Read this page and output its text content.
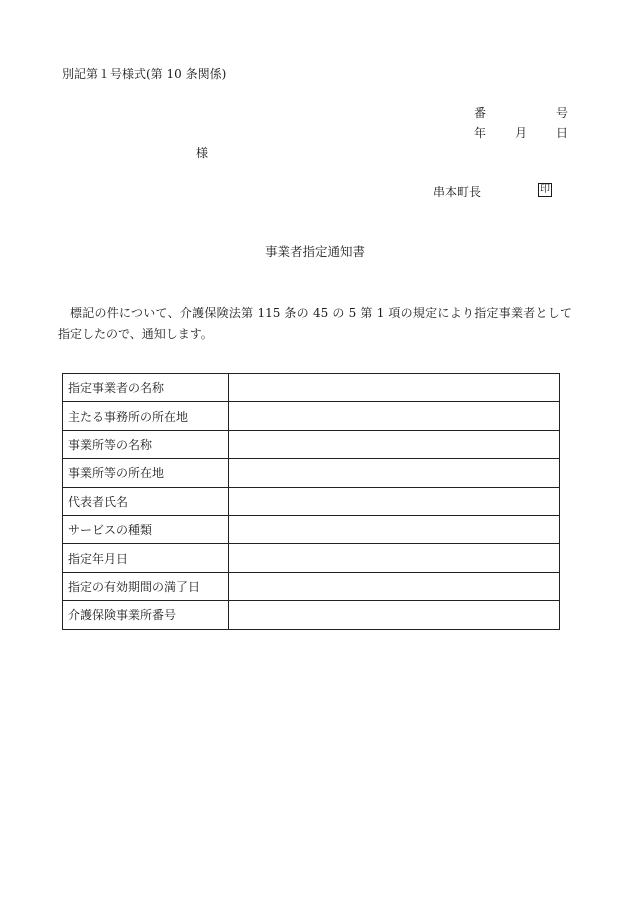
別記第１号様式(第 10 条関係)
番	号
年 月 日
様
串本町長	印
事業者指定通知書
標記の件について、介護保険法第 115 条の 45 の 5 第 1 項の規定により指定事業者として指定したので、通知します。
指定事業者の名称	
主たる事務所の所在地	
事業所等の名称	
事業所等の所在地	
代表者氏名	
サービスの種類	
指定年月日	
指定の有効期間の満了日	
介護保険事業所番号	
